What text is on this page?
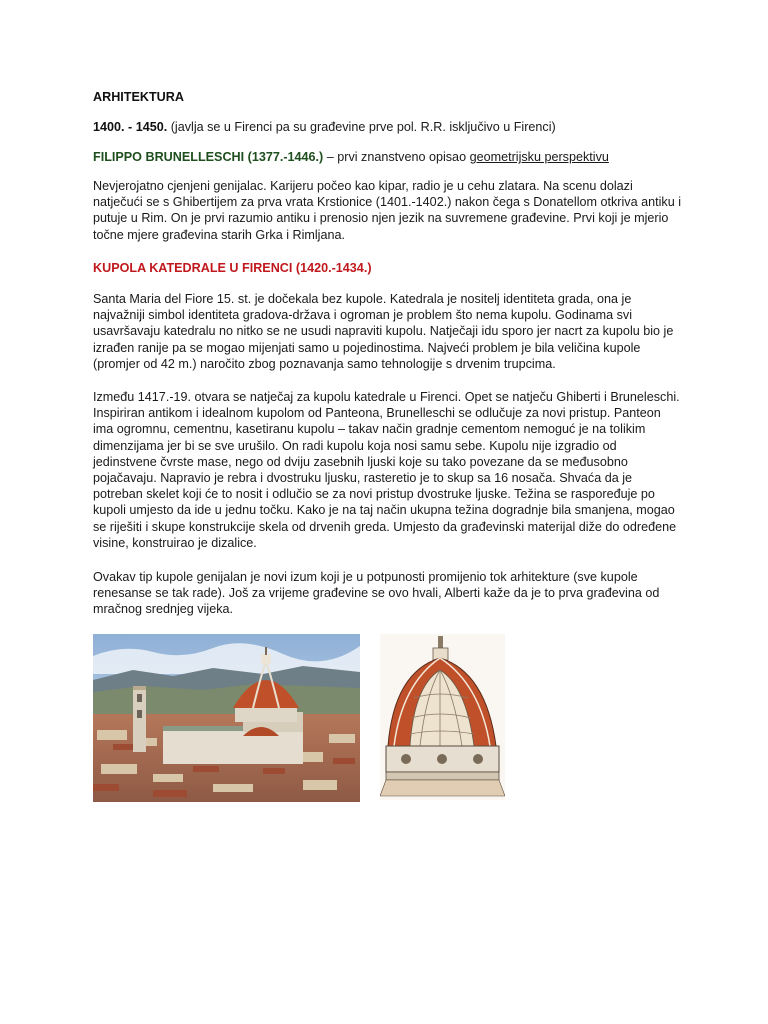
ARHITEKTURA
1400. - 1450. (javlja se u Firenci pa su građevine prve pol. R.R. isključivo u Firenci)
FILIPPO BRUNELLESCHI (1377.-1446.) – prvi znanstveno opisao geometrijsku perspektivu

Nevjerojatno cjenjeni genijalac. Karijeru počeo kao kipar, radio je u cehu zlatara. Na scenu dolazi natječući se s Ghibertijem za prva vrata Krstionice (1401.-1402.) nakon čega s Donatellom otkriva antiku i putuje u Rim. On je prvi razumio antiku i prenosio njen jezik na suvremene građevine. Prvi koji je mjerio točne mjere građevina starih Grka i Rimljana.

KUPOLA KATEDRALE U FIRENCI (1420.-1434.)

Santa Maria del Fiore 15. st. je dočekala bez kupole. Katedrala je nositelj identiteta grada, ona je najvažniji simbol identiteta gradova-država i ogroman je problem što nema kupolu. Godinama svi usavršavaju katedralu no nitko se ne usudi napraviti kupolu. Natječaji idu sporo jer nacrt za kupolu bio je izrađen ranije pa se mogao mijenjati samo u pojedinostima. Najveći problem je bila veličina kupole (promjer od 42 m.) naročito zbog poznavanja samo tehnologije s drvenim trupcima.

Između 1417.-19. otvara se natječaj za kupolu katedrale u Firenci. Opet se natječu Ghiberti i Bruneleschi. Inspiriran antikom i idealnom kupolom od Panteona, Brunelleschi se odlučuje za novi pristup. Panteon ima ogromnu, cementnu, kasetiranu kupolu – takav način gradnje cementom nemoguć je na tolikim dimenzijama jer bi se sve urušilo. On radi kupolu koja nosi samu sebe. Kupolu nije izgradio od jedinstvene čvrste mase, nego od dviju zasebnih ljuski koje su tako povezane da se međusobno pojačavaju. Napravio je rebra i dvostruku ljusku, rasteretio je to skup sa 16 nosača. Shvaća da je potreban skelet koji će to nosit i odlučio se za novi pristup dvostruke ljuske. Težina se raspoređuje po kupoli umjesto da ide u jednu točku. Kako je na taj način ukupna težina dogradnje bila smanjena, mogao se riješiti i skupe konstrukcije skela od drvenih greda. Umjesto da građevinski materijal diže do određene visine, konstruirao je dizalice.

Ovakav tip kupole genijalan je novi izum koji je u potpunosti promijenio tok arhitekture (sve kupole renesanse se tak rade). Još za vrijeme građevine se ovo hvali, Alberti kaže da je to prva građevina od mračnog srednjeg vijeka.
